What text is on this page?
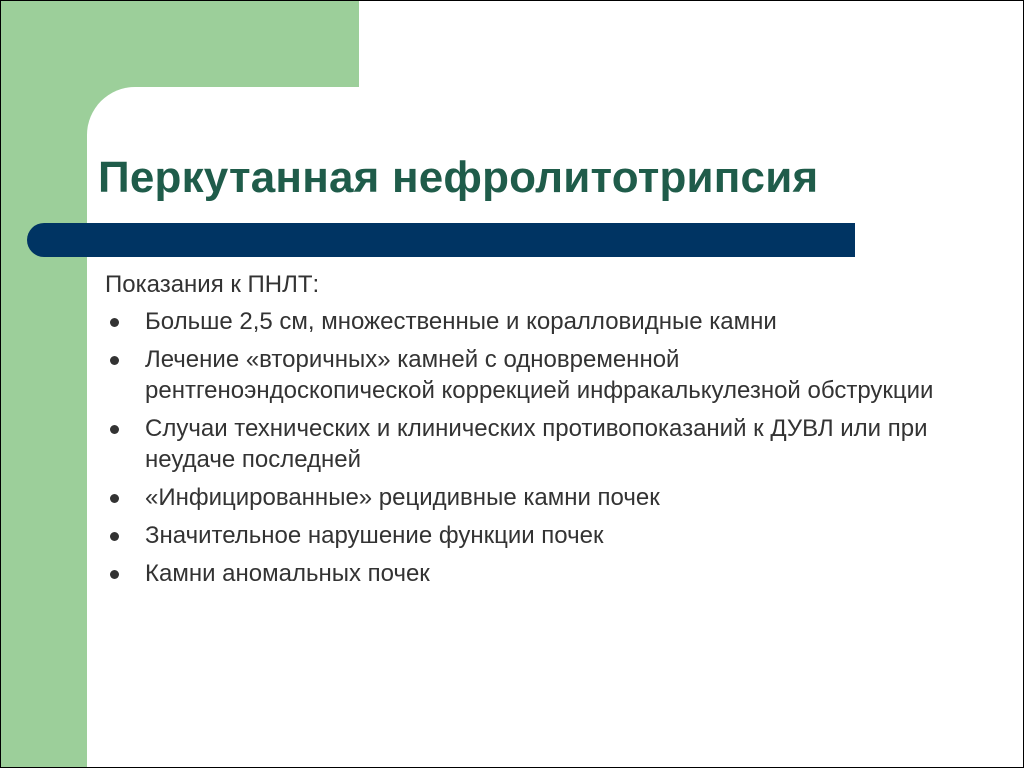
Перкутанная нефролитотрипсия

Показания к ПНЛТ:

Больше 2,5 см, множественные и коралловидные камни
Лечение «вторичных» камней с одновременной рентгеноэндоскопической коррекцией инфракалькулезной обструкции
Случаи технических и клинических противопоказаний к ДУВЛ или при неудаче последней
«Инфицированные» рецидивные камни почек
Значительное нарушение функции почек
Камни аномальных почек
